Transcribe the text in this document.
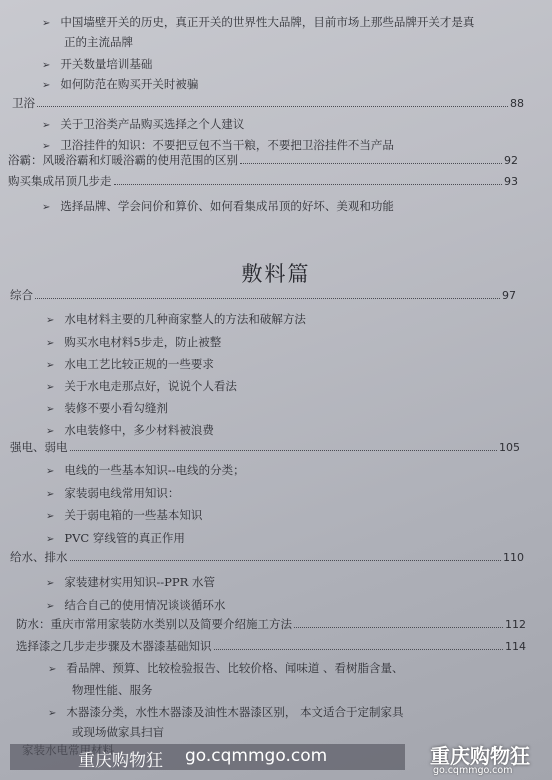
➢ 中国墙壁开关的历史，真正开关的世界性大品牌，目前市场上那些品牌开关才是真
正的主流品牌
➢ 开关数量培训基础
➢ 如何防范在购买开关时被骗
卫浴	88
➢ 关于卫浴类产品购买选择之个人建议
➢ 卫浴挂件的知识：不要把豆包不当干粮，不要把卫浴挂件不当产品
浴霸：风暖浴霸和灯暖浴霸的使用范围的区别	92
购买集成吊顶几步走	93
➢ 选择品牌、学会问价和算价、如何看集成吊顶的好坏、美观和功能
敷料篇
综合	97
➢ 水电材料主要的几种商家整人的方法和破解方法
➢ 购买水电材料5步走，防止被整
➢ 水电工艺比较正规的一些要求
➢ 关于水电走那点好，说说个人看法
➢ 装修不要小看勾缝剂
➢ 水电装修中，多少材料被浪费
强电、弱电	105
➢ 电线的一些基本知识--电线的分类；
➢ 家装弱电线常用知识：
➢ 关于弱电箱的一些基本知识
➢ PVC 穿线管的真正作用
给水、排水	110
➢ 家装建材实用知识--PPR 水管
➢ 结合自己的使用情况谈谈循环水
防水：重庆市常用家装防水类别以及简要介绍施工方法	112
选择漆之几步走步骤及木器漆基础知识	114
➢ 看品牌、预算、比较检验报告、比较价格、闻味道 、看树脂含量、
物理性能、服务
➢ 木器漆分类，水性木器漆及油性木器漆区别， 本文适合于定制家具
或现场做家具扫盲
重庆购物狂 go.cqmmgo.com	重庆购物狂
go.cqmmgo.com
